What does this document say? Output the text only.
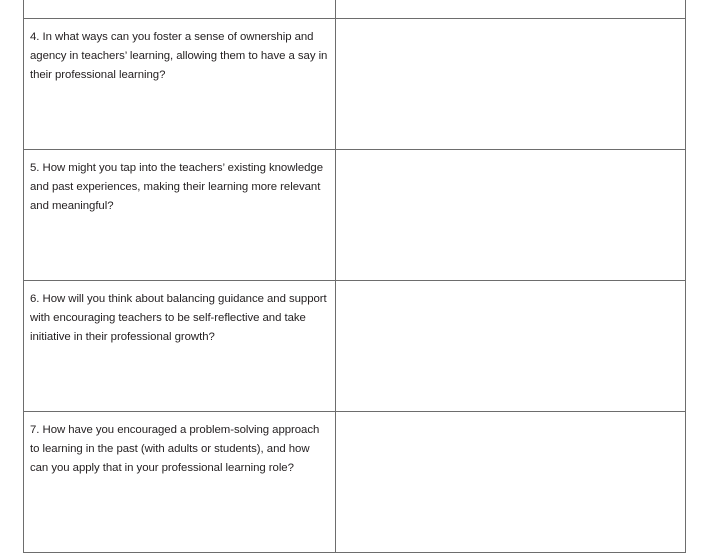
4. In what ways can you foster a sense of ownership and agency in teachers’ learning, allowing them to have a say in their professional learning?	

5. How might you tap into the teachers’ existing knowledge and past experiences, making their learning more relevant and meaningful?	

6. How will you think about balancing guidance and support with encouraging teachers to be self-reflective and take initiative in their professional growth?	

7. How have you encouraged a problem-solving approach to learning in the past (with adults or students), and how can you apply that in your professional learning role?	
